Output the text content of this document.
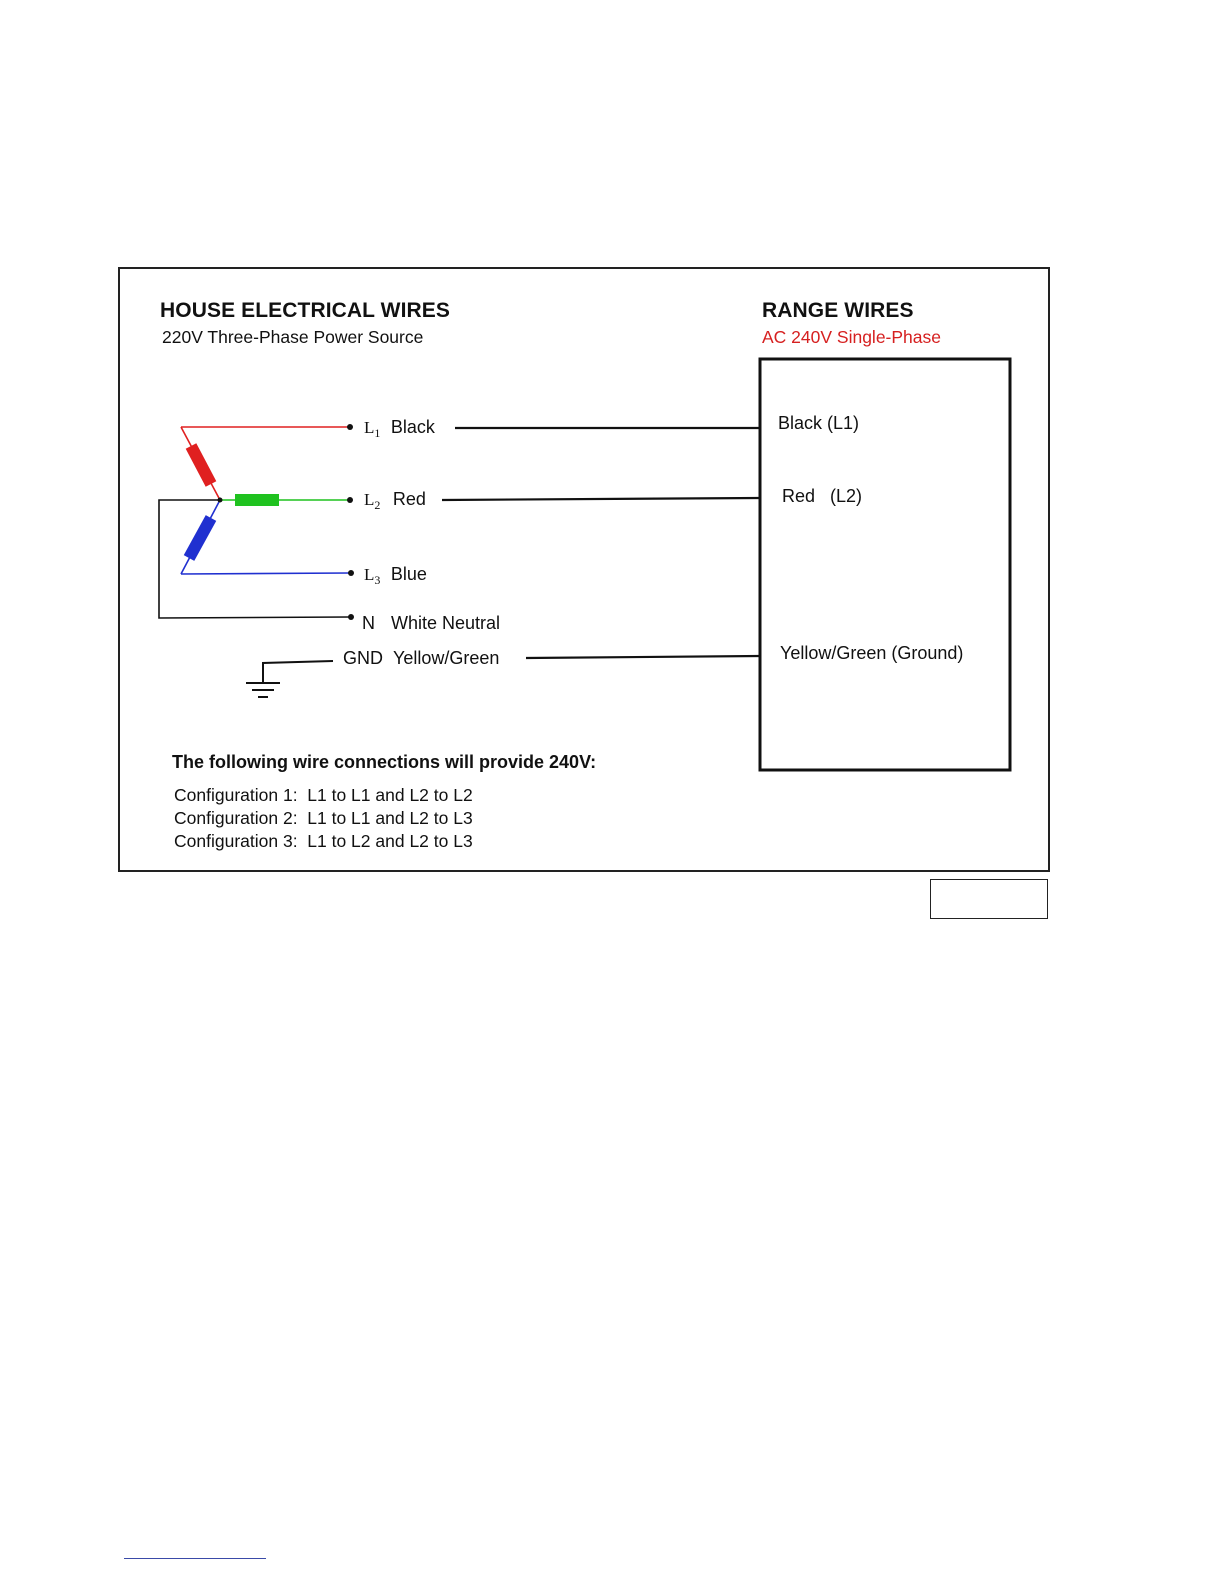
HOUSE ELECTRICAL WIRES
220V Three-Phase Power Source
RANGE WIRES
AC 240V Single-Phase
$L_1$ Black
$L_2$ Red
$L_3$ Blue
N White Neutral
GND Yellow/Green
Black (L1)
Red   (L2)
Yellow/Green (Ground)
The following wire connections will provide 240V:
Configuration 1:  L1 to L1 and L2 to L2
Configuration 2:  L1 to L1 and L2 to L3
Configuration 3:  L1 to L2 and L2 to L3
